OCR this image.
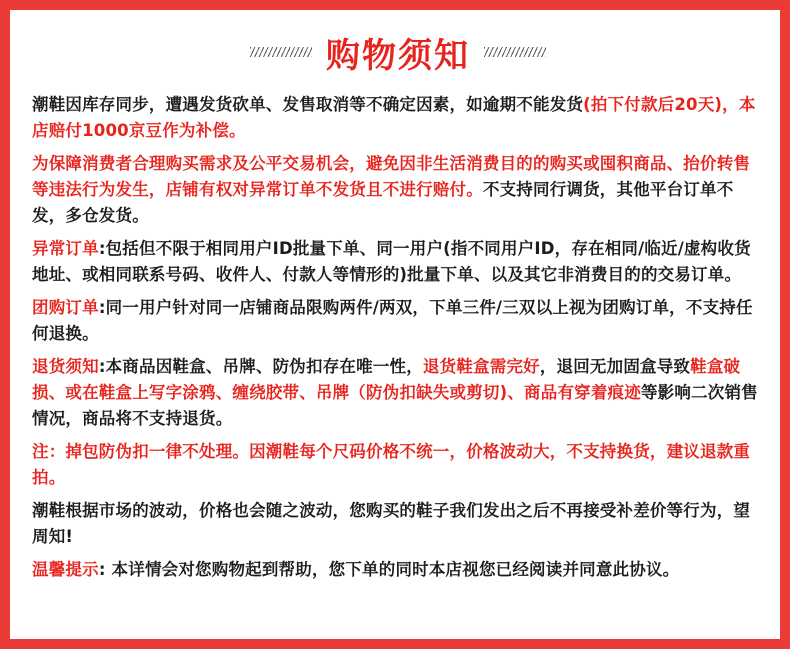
购物须知

潮鞋因库存同步，遭遇发货砍单、发售取消等不确定因素，如逾期不能发货(拍下付款后20天)，本店赔付1000京豆作为补偿。

为保障消费者合理购买需求及公平交易机会，避免因非生活消费目的的购买或囤积商品、抬价转售等违法行为发生，店铺有权对异常订单不发货且不进行赔付。不支持同行调货，其他平台订单不发，多仓发货。

异常订单:包括但不限于相同用户ID批量下单、同一用户(指不同用户ID，存在相同/临近/虚构收货地址、或相同联系号码、收件人、付款人等情形的)批量下单、以及其它非消费目的的交易订单。

团购订单:同一用户针对同一店铺商品限购两件/两双，下单三件/三双以上视为团购订单，不支持任何退换。

退货须知:本商品因鞋盒、吊牌、防伪扣存在唯一性，退货鞋盒需完好，退回无加固盒导致鞋盒破损、或在鞋盒上写字涂鸦、缠绕胶带、吊牌（防伪扣缺失或剪切)、商品有穿着痕迹等影响二次销售情况，商品将不支持退货。

注：掉包防伪扣一律不处理。因潮鞋每个尺码价格不统一，价格波动大，不支持换货，建议退款重拍。

潮鞋根据市场的波动，价格也会随之波动，您购买的鞋子我们发出之后不再接受补差价等行为，望周知!

温馨提示: 本详情会对您购物起到帮助，您下单的同时本店视您已经阅读并同意此协议。
